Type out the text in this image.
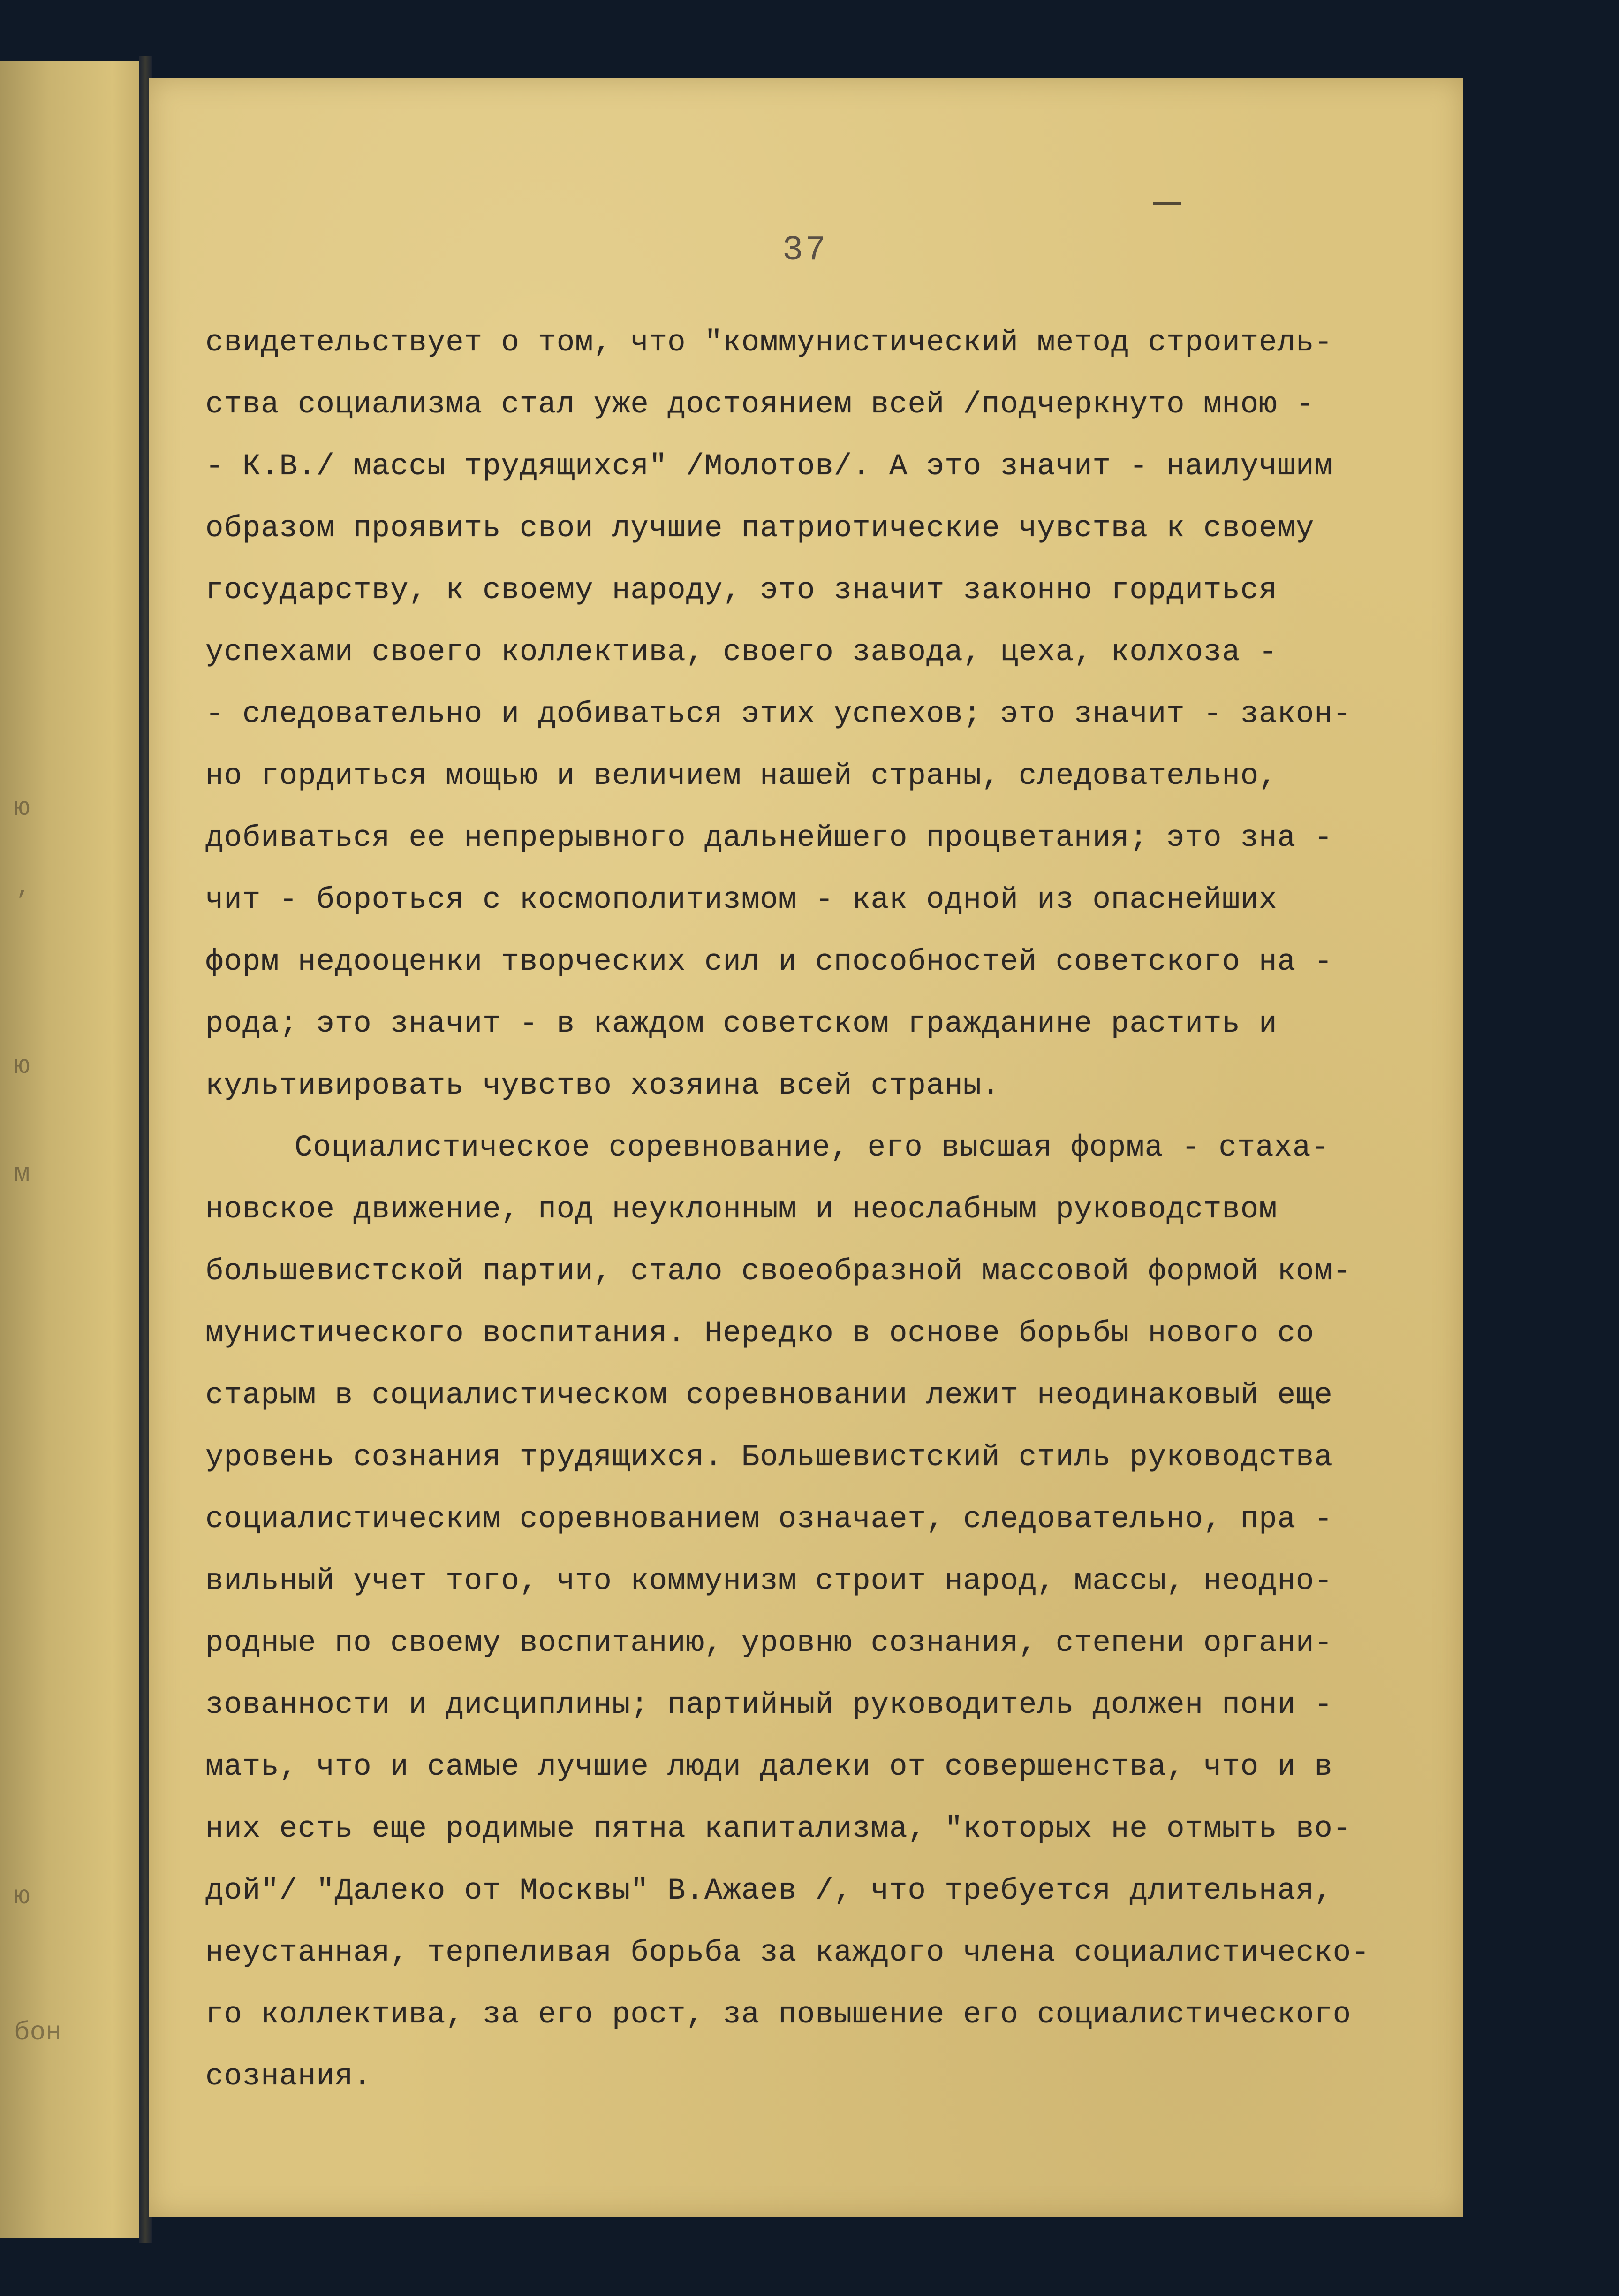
ю
’
ю
м
ю
бон
37
свидетельствует о том, что "коммунистический метод строитель-
ства социализма стал уже достоянием всей /подчеркнуто мною -
- К.В./ массы трудящихся" /Молотов/. А это значит - наилучшим
образом проявить свои лучшие патриотические чувства к своему
государству, к своему народу, это значит законно гордиться
успехами своего коллектива, своего завода, цеха, колхоза -
- следовательно и добиваться этих успехов; это значит - закон-
но гордиться мощью и величием нашей страны, следовательно,
добиваться ее непрерывного дальнейшего процветания; это зна -
чит - бороться с космополитизмом - как одной из опаснейших
форм недооценки творческих сил и способностей советского на -
рода; это значит - в каждом советском гражданине растить и
культивировать чувство хозяина всей страны.
Социалистическое соревнование, его высшая форма - стаха-
новское движение, под неуклонным и неослабным руководством
большевистской партии, стало своеобразной массовой формой ком-
мунистического воспитания. Нередко в основе борьбы нового со
старым в социалистическом соревновании лежит неодинаковый еще
уровень сознания трудящихся. Большевистский стиль руководства
социалистическим соревнованием означает, следовательно, пра -
вильный учет того, что коммунизм строит народ, массы, неодно-
родные по своему воспитанию, уровню сознания, степени органи-
зованности и дисциплины; партийный руководитель должен пони -
мать, что и самые лучшие люди далеки от совершенства, что и в
них есть еще родимые пятна капитализма, "которых не отмыть во-
дой"/ "Далеко от Москвы" В.Ажаев /, что требуется длительная,
неустанная, терпеливая борьба за каждого члена социалистическо-
го коллектива, за его рост, за повышение его социалистического
сознания.
